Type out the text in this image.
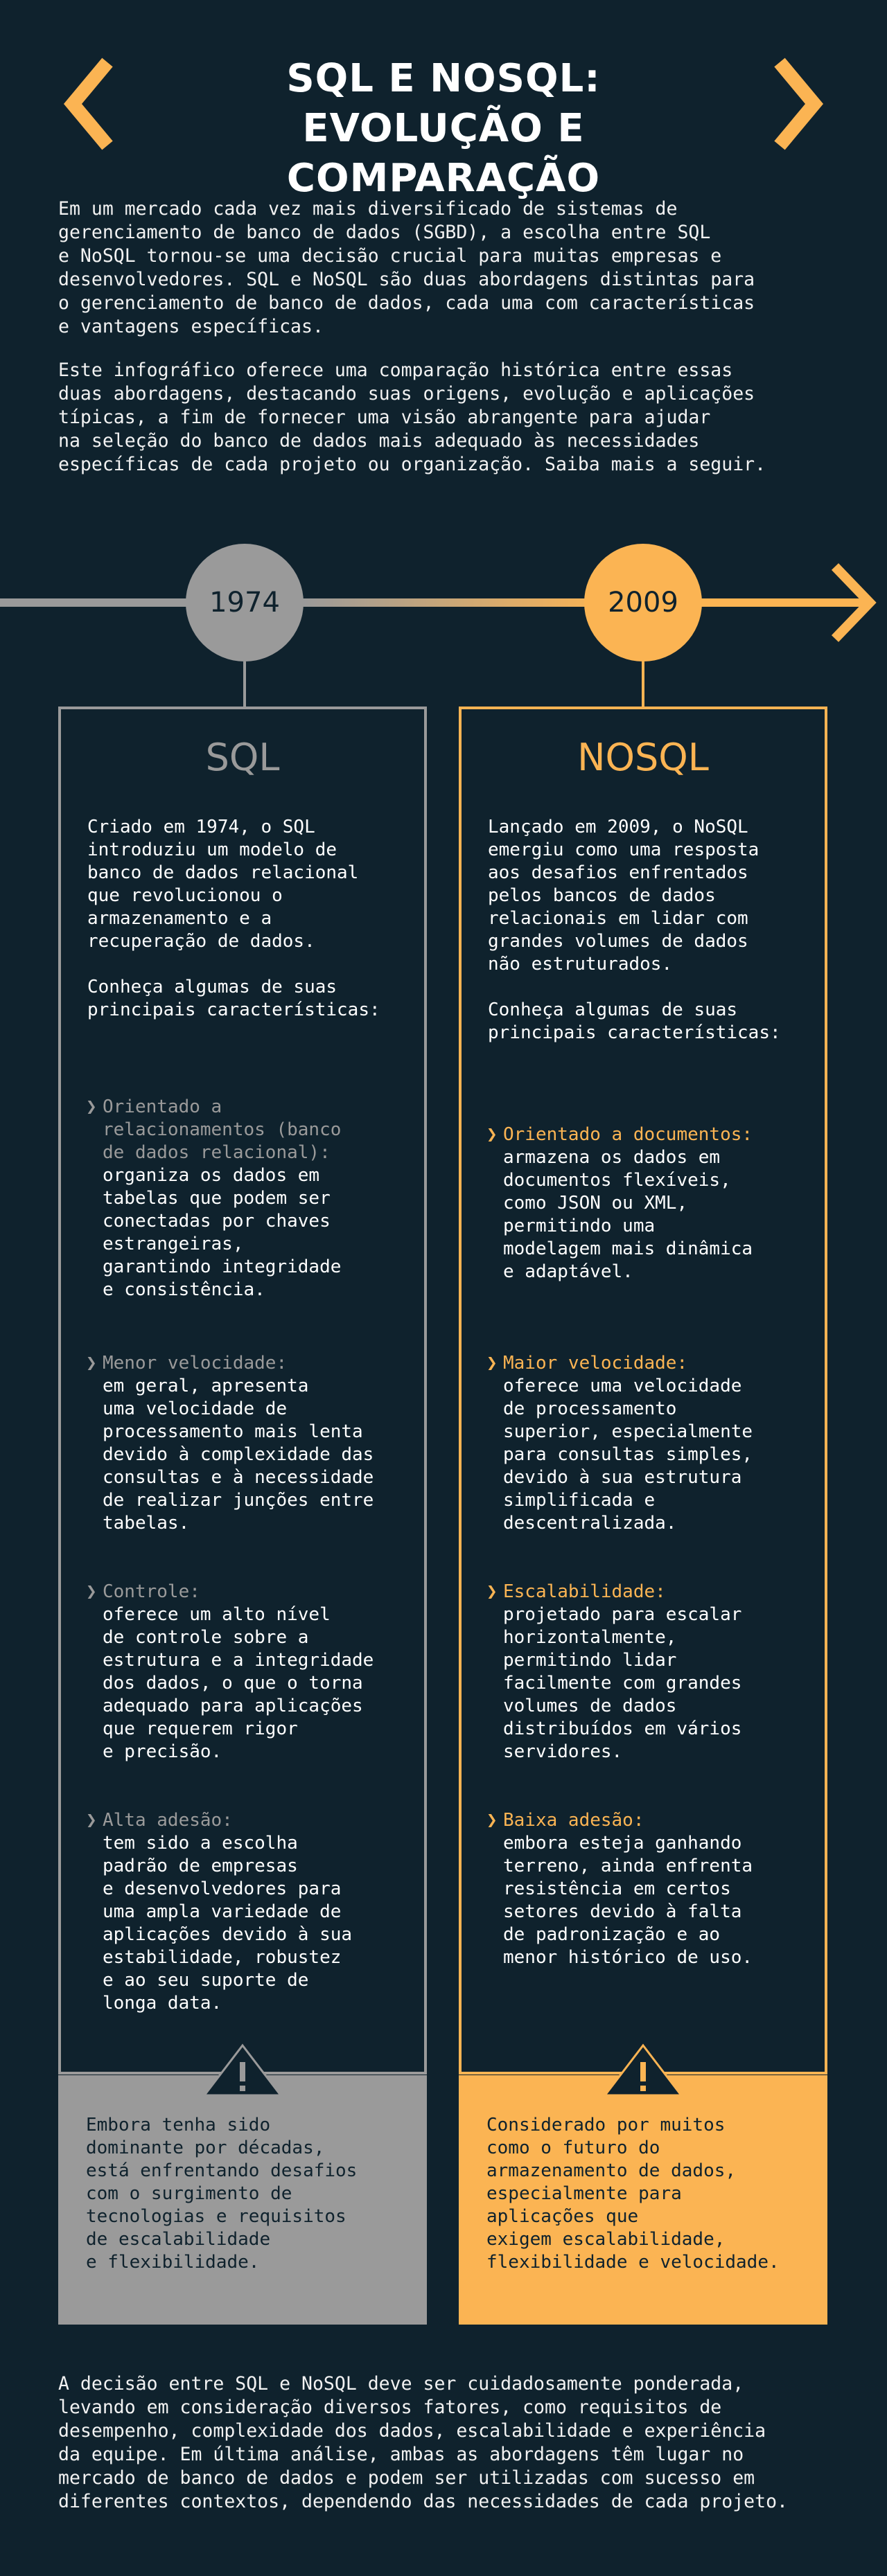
SQL E NOSQL:
EVOLUÇÃO E COMPARAÇÃO
Em um mercado cada vez mais diversificado de sistemas de
gerenciamento de banco de dados (SGBD), a escolha entre SQL
e NoSQL tornou-se uma decisão crucial para muitas empresas e
desenvolvedores. SQL e NoSQL são duas abordagens distintas para
o gerenciamento de banco de dados, cada uma com características
e vantagens específicas.
Este infográfico oferece uma comparação histórica entre essas
duas abordagens, destacando suas origens, evolução e aplicações
típicas, a fim de fornecer uma visão abrangente para ajudar
na seleção do banco de dados mais adequado às necessidades
específicas de cada projeto ou organização. Saiba mais a seguir.
1974	2009
SQL
Criado em 1974, o SQL
introduziu um modelo de
banco de dados relacional
que revolucionou o
armazenamento e a
recuperação de dados.

Conheça algumas de suas
principais características:
❯ Orientado a
relacionamentos (banco
de dados relacional):
organiza os dados em
tabelas que podem ser
conectadas por chaves
estrangeiras,
garantindo integridade
e consistência.
❯ Menor velocidade:
em geral, apresenta
uma velocidade de
processamento mais lenta
devido à complexidade das
consultas e à necessidade
de realizar junções entre
tabelas.
❯ Controle:
oferece um alto nível
de controle sobre a
estrutura e a integridade
dos dados, o que o torna
adequado para aplicações
que requerem rigor
e precisão.
❯ Alta adesão:
tem sido a escolha
padrão de empresas
e desenvolvedores para
uma ampla variedade de
aplicações devido à sua
estabilidade, robustez
e ao seu suporte de
longa data.
Embora tenha sido
dominante por décadas,
está enfrentando desafios
com o surgimento de
tecnologias e requisitos
de escalabilidade
e flexibilidade.
NOSQL
Lançado em 2009, o NoSQL
emergiu como uma resposta
aos desafios enfrentados
pelos bancos de dados
relacionais em lidar com
grandes volumes de dados
não estruturados.

Conheça algumas de suas
principais características:
❯ Orientado a documentos:
armazena os dados em
documentos flexíveis,
como JSON ou XML,
permitindo uma
modelagem mais dinâmica
e adaptável.
❯ Maior velocidade:
oferece uma velocidade
de processamento
superior, especialmente
para consultas simples,
devido à sua estrutura
simplificada e
descentralizada.
❯ Escalabilidade:
projetado para escalar
horizontalmente,
permitindo lidar
facilmente com grandes
volumes de dados
distribuídos em vários
servidores.
❯ Baixa adesão:
embora esteja ganhando
terreno, ainda enfrenta
resistência em certos
setores devido à falta
de padronização e ao
menor histórico de uso.
Considerado por muitos
como o futuro do
armazenamento de dados,
especialmente para
aplicações que
exigem escalabilidade,
flexibilidade e velocidade.
A decisão entre SQL e NoSQL deve ser cuidadosamente ponderada,
levando em consideração diversos fatores, como requisitos de
desempenho, complexidade dos dados, escalabilidade e experiência
da equipe. Em última análise, ambas as abordagens têm lugar no
mercado de banco de dados e podem ser utilizadas com sucesso em
diferentes contextos, dependendo das necessidades de cada projeto.
